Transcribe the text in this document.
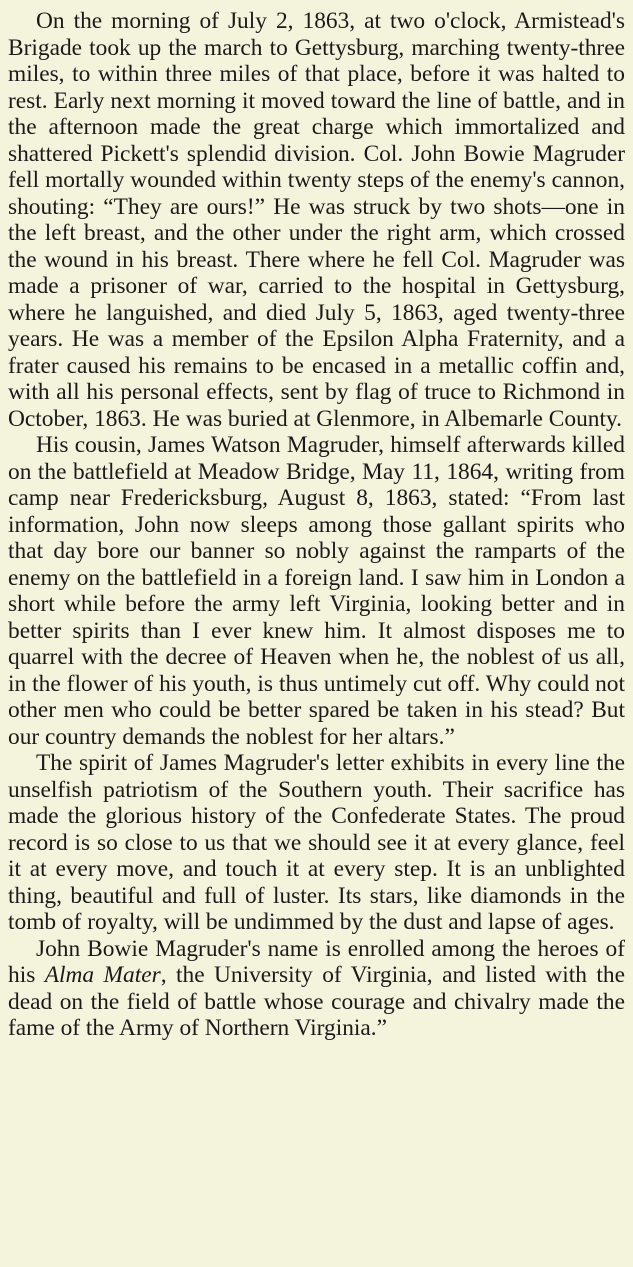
On the morning of July 2, 1863, at two o'clock, Armistead's Brigade took up the march to Gettysburg, marching twenty-three miles, to within three miles of that place, before it was halted to rest. Early next morning it moved toward the line of battle, and in the afternoon made the great charge which immortalized and shattered Pickett's splendid division. Col. John Bowie Magruder fell mortally wounded within twenty steps of the enemy's cannon, shouting: “They are ours!” He was struck by two shots—one in the left breast, and the other under the right arm, which crossed the wound in his breast. There where he fell Col. Magruder was made a prisoner of war, carried to the hospital in Gettysburg, where he languished, and died July 5, 1863, aged twenty-three years. He was a member of the Epsilon Alpha Fraternity, and a frater caused his remains to be encased in a metallic coffin and, with all his personal effects, sent by flag of truce to Richmond in October, 1863. He was buried at Glenmore, in Albemarle County.

His cousin, James Watson Magruder, himself afterwards killed on the battlefield at Meadow Bridge, May 11, 1864, writing from camp near Fredericksburg, August 8, 1863, stated: “From last information, John now sleeps among those gallant spirits who that day bore our banner so nobly against the ramparts of the enemy on the battlefield in a foreign land. I saw him in London a short while before the army left Virginia, looking better and in better spirits than I ever knew him. It almost disposes me to quarrel with the decree of Heaven when he, the noblest of us all, in the flower of his youth, is thus untimely cut off. Why could not other men who could be better spared be taken in his stead? But our country demands the noblest for her altars.”

The spirit of James Magruder's letter exhibits in every line the unselfish patriotism of the Southern youth. Their sacrifice has made the glorious history of the Confederate States. The proud record is so close to us that we should see it at every glance, feel it at every move, and touch it at every step. It is an unblighted thing, beautiful and full of luster. Its stars, like diamonds in the tomb of royalty, will be undimmed by the dust and lapse of ages.

John Bowie Magruder's name is enrolled among the heroes of his Alma Mater, the University of Virginia, and listed with the dead on the field of battle whose courage and chivalry made the fame of the Army of Northern Virginia.”
